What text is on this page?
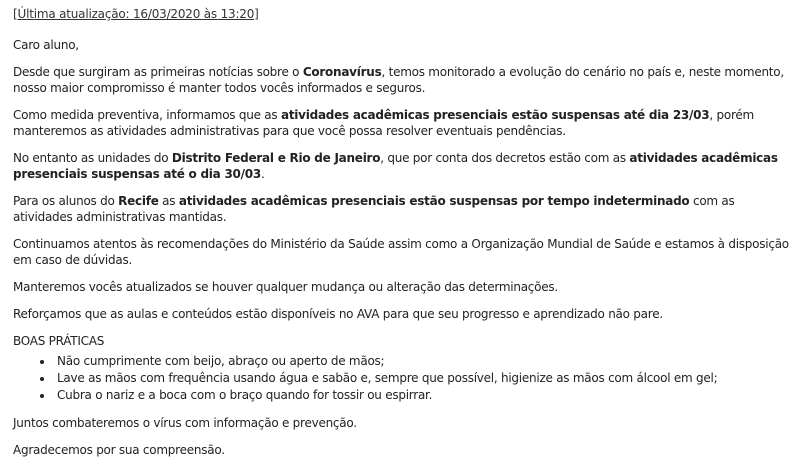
[Última atualização: 16/03/2020 às 13:20]

Caro aluno,

Desde que surgiram as primeiras notícias sobre o Coronavírus, temos monitorado a evolução do cenário no país e, neste momento, nosso maior compromisso é manter todos vocês informados e seguros.

Como medida preventiva, informamos que as atividades acadêmicas presenciais estão suspensas até dia 23/03, porém manteremos as atividades administrativas para que você possa resolver eventuais pendências.

No entanto as unidades do Distrito Federal e Rio de Janeiro, que por conta dos decretos estão com as atividades acadêmicas presenciais suspensas até o dia 30/03.

Para os alunos do Recife as atividades acadêmicas presenciais estão suspensas por tempo indeterminado com as atividades administrativas mantidas.

Continuamos atentos às recomendações do Ministério da Saúde assim como a Organização Mundial de Saúde e estamos à disposição em caso de dúvidas.

Manteremos vocês atualizados se houver qualquer mudança ou alteração das determinações.

Reforçamos que as aulas e conteúdos estão disponíveis no AVA para que seu progresso e aprendizado não pare.

BOAS PRÁTICAS

• Não cumprimente com beijo, abraço ou aperto de mãos;
• Lave as mãos com frequência usando água e sabão e, sempre que possível, higienize as mãos com álcool em gel;
• Cubra o nariz e a boca com o braço quando for tossir ou espirrar.

Juntos combateremos o vírus com informação e prevenção.

Agradecemos por sua compreensão.
